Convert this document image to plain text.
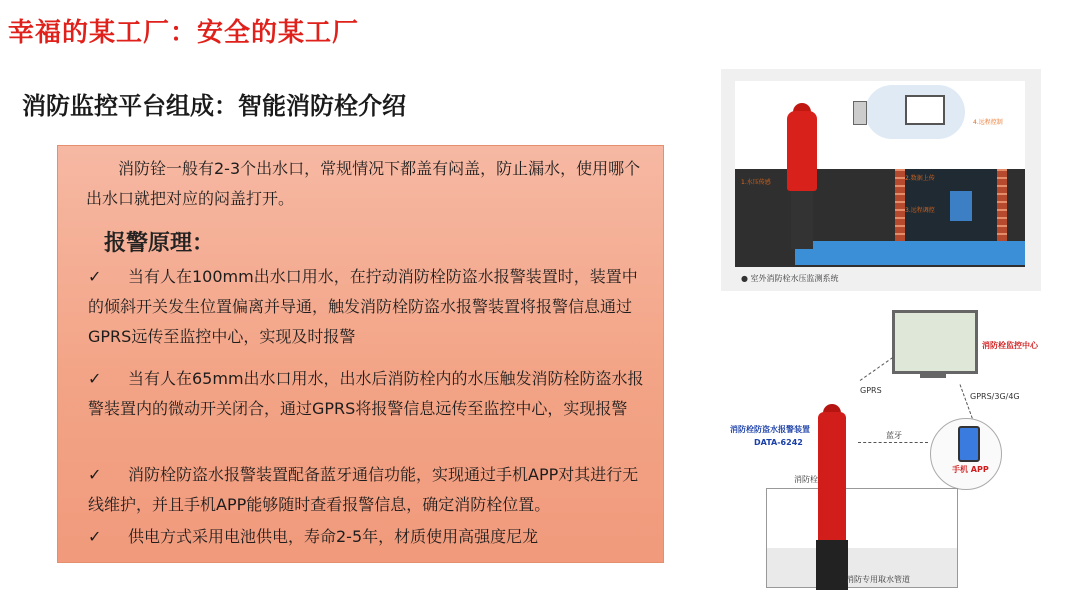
幸福的某工厂：安全的某工厂
消防监控平台组成：智能消防栓介绍
消防铨一般有2-3个出水口，常规情况下都盖有闷盖，防止漏水，使用哪个出水口就把对应的闷盖打开。
报警原理：
✓ 当有人在100mm出水口用水，在拧动消防栓防盗水报警装置时，装置中的倾斜开关发生位置偏离并导通，触发消防栓防盗水报警装置将报警信息通过GPRS远传至监控中心，实现及时报警
✓ 当有人在65mm出水口用水，出水后消防栓内的水压触发消防栓防盗水报警装置内的微动开关闭合，通过GPRS将报警信息远传至监控中心，实现报警
✓ 消防栓防盗水报警装置配备蓝牙通信功能，实现通过手机APP对其进行无线维护，并且手机APP能够随时查看报警信息，确定消防栓位置。
✓ 供电方式采用电池供电，寿命2-5年，材质使用高强度尼龙
1.水压传感
2.数据上传
3.远程调控
4.远程控制
● 室外消防栓水压监测系统
消防栓监控中心
GPRS
GPRS/3G/4G
消防栓防盗水报警装置
DATA-6242
蓝牙
手机 APP
消防栓
消防专用取水管道
